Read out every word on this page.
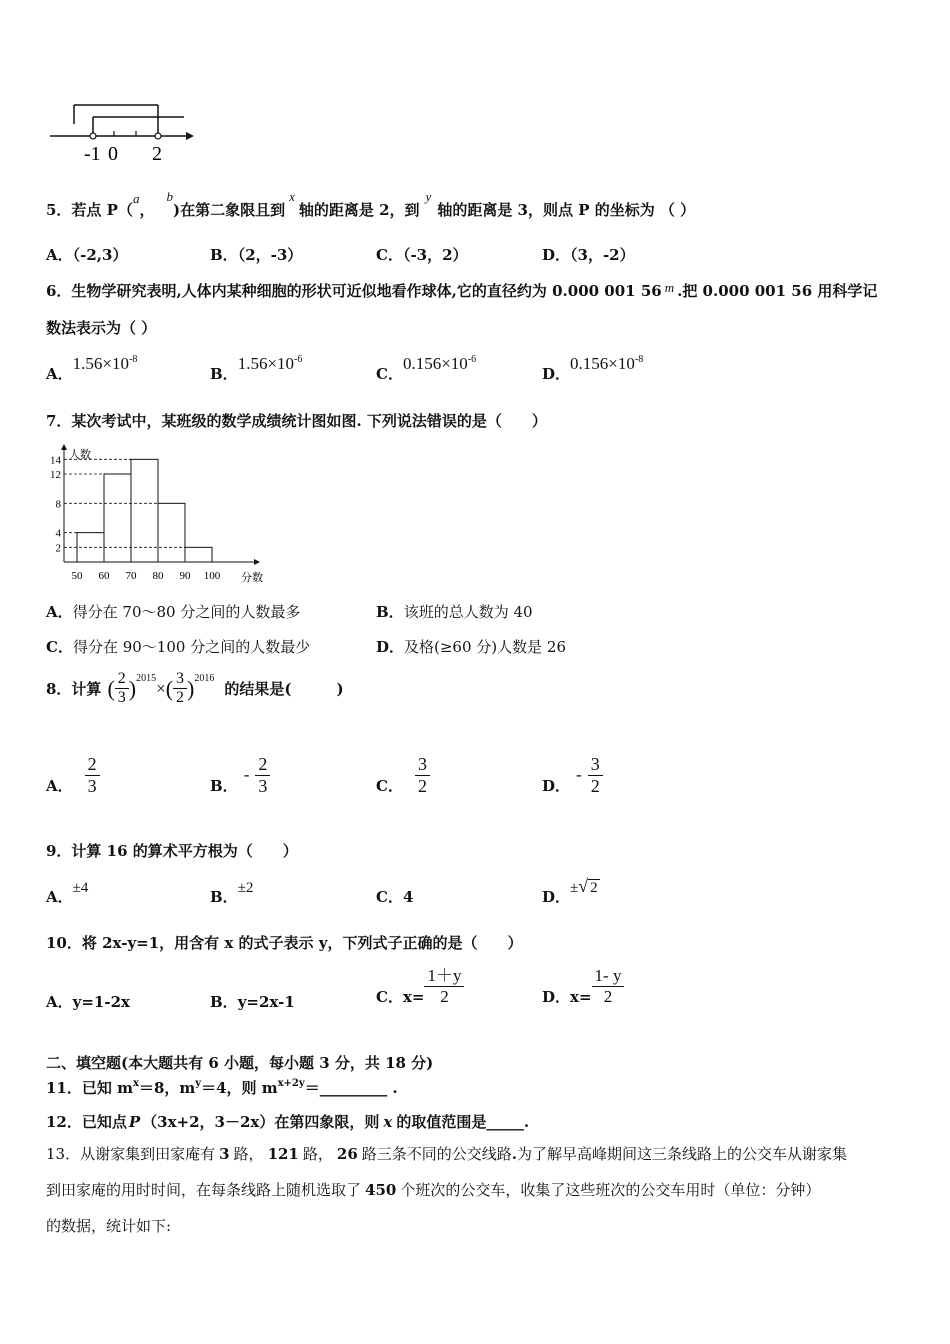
-1 0 2
5．若点 P（a，b)在第二象限且到x轴的距离是 2，到y轴的距离是 3，则点 P 的坐标为 （ ）
A．（-2,3）	B．（2，-3）	C．（-3，2）	D．（3，-2）
6．生物学研究表明,人体内某种细胞的形状可近似地看作球体,它的直径约为 0.000 001 56 m .把 0.000 001 56 用科学记
数法表示为（ ）
A．$1.56\times 10^{-8}$
B．$1.56\times 10^{-6}$
C．$0.156\times 10^{-6}$
D．$0.156\times 10^{-8}$
7．某次考试中，某班级的数学成绩统计图如图. 下列说法错误的是（　　）
2
4
8
12
14
50 60 70 80 90 100
人数
分数
A．得分在 70～80 分之间的人数最多	B．该班的总人数为 40
C．得分在 90～100 分之间的人数最少	D．及格(≥60 分)人数是 26
8．计算 ( $\frac{2}{3}$ ) 2015 × ( $\frac{3}{2}$ ) 2016
的结果是(　　　)
A． $\frac{2}{3}$	B．
- $\frac{2}{3}$	C． $\frac{3}{2}$	D．
- $\frac{3}{2}$
9．计算 16 的算术平方根为（　　）
A．±4	B．±2	C．4	D．±√ 2
10．将 2x-y=1，用含有 x 的式子表示 y，下列式子正确的是（　　）
A．y=1-2x	B．y=2x-1	C．$x= \frac{1+y}{2}$	D．$x= \frac{1- y}{2}$
二、填空题(本大题共有 6 小题，每小题 3 分，共 18 分)
11．已知 $m^x=8$，$m^y=4$，则 $m^{x+2y}=\_\_\_\_\_\_\_\_\_$ .
12．已知点 P （3x+2，3－2x）在第四象限，则 x 的取值范围是_____.
13．从谢家集到田家庵有 3 路， 121 路， 26 路三条不同的公交线路.为了解早高峰期间这三条线路上的公交车从谢家集
到田家庵的用时时间，在每条线路上随机选取了 450 个班次的公交车，收集了这些班次的公交车用时（单位：分钟）
的数据，统计如下:
